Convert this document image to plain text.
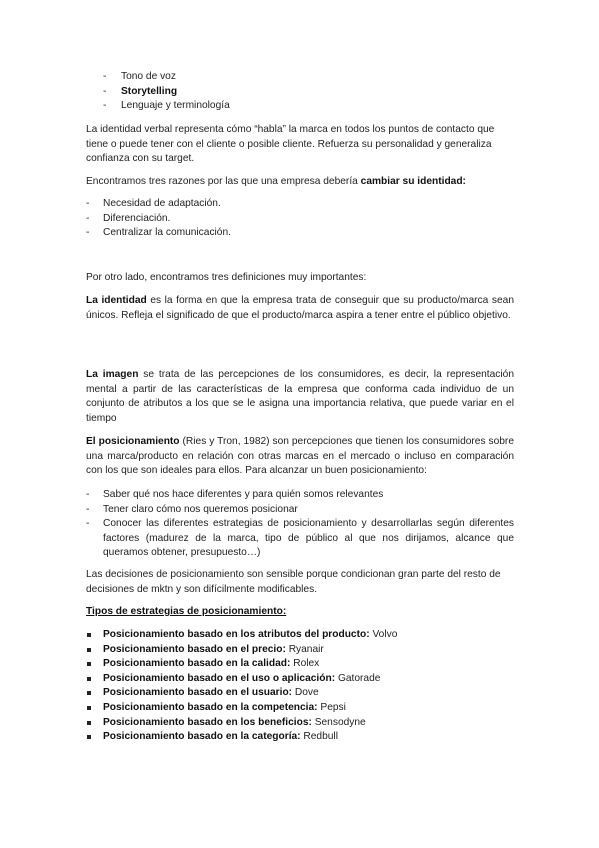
- Tono de voz
- Storytelling
- Lenguaje y terminología

La identidad verbal representa cómo “habla” la marca en todos los puntos de contacto que tiene o puede tener con el cliente o posible cliente. Refuerza su personalidad y generaliza confianza con su target.

Encontramos tres razones por las que una empresa debería cambiar su identidad:

- Necesidad de adaptación.
- Diferenciación.
- Centralizar la comunicación.

Por otro lado, encontramos tres definiciones muy importantes:

La identidad es la forma en que la empresa trata de conseguir que su producto/marca sean únicos. Refleja el significado de que el producto/marca aspira a tener entre el público objetivo.

La imagen se trata de las percepciones de los consumidores, es decir, la representación mental a partir de las características de la empresa que conforma cada individuo de un conjunto de atributos a los que se le asigna una importancia relativa, que puede variar en el tiempo

El posicionamiento (Ries y Tron, 1982) son percepciones que tienen los consumidores sobre una marca/producto en relación con otras marcas en el mercado o incluso en comparación con los que son ideales para ellos. Para alcanzar un buen posicionamiento:

- Saber qué nos hace diferentes y para quién somos relevantes
- Tener claro cómo nos queremos posicionar
- Conocer las diferentes estrategias de posicionamiento y desarrollarlas según diferentes factores (madurez de la marca, tipo de público al que nos dirijamos, alcance que queramos obtener, presupuesto…)

Las decisiones de posicionamiento son sensible porque condicionan gran parte del resto de decisiones de mktn y son difícilmente modificables.

Tipos de estrategias de posicionamiento:

Posicionamiento basado en los atributos del producto: Volvo
Posicionamiento basado en el precio: Ryanair
Posicionamiento basado en la calidad: Rolex
Posicionamiento basado en el uso o aplicación: Gatorade
Posicionamiento basado en el usuario: Dove
Posicionamiento basado en la competencia: Pepsi
Posicionamiento basado en los beneficios: Sensodyne
Posicionamiento basado en la categoría: Redbull
